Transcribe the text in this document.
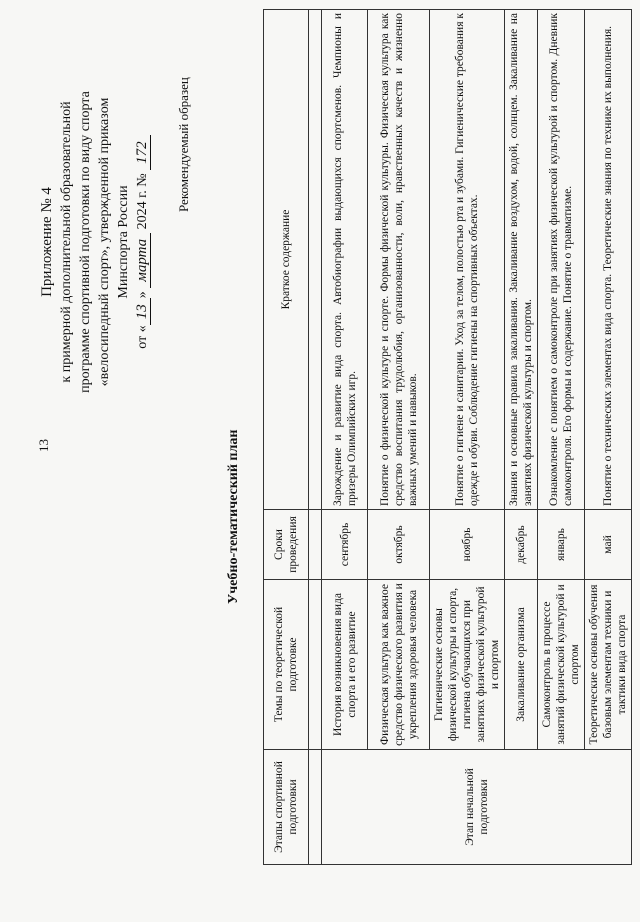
13
Приложение № 4 к примерной дополнительной образовательной программе спортивной подготовки по виду спорта «велосипедный спорт», утвержденной приказом Минспорта России
от «13» марта 2024 г. № 172 Рекомендуемый образец
Учебно-тематический план
Этапы спортивной подготовки	Темы по теоретической подготовке	Сроки проведения	Краткое содержание

Этап начальной подготовки	История возникновения вида спорта и его развитие	сентябрь	Зарождение и развитие вида спорта. Автобиографии выдающихся спортсменов. Чемпионы и призеры Олимпийских игр.
	Физическая культура как важное средство физического развития и укрепления здоровья человека	октябрь	Понятие о физической культуре и спорте. Формы физической культуры. Физическая культура как средство воспитания трудолюбия, организованности, воли, нравственных качеств и жизненно важных умений и навыков.
	Гигиенические основы физической культуры и спорта, гигиена обучающихся при занятиях физической культурой и спортом	ноябрь	Понятие о гигиене и санитарии. Уход за телом, полостью рта и зубами. Гигиенические требования к одежде и обуви. Соблюдение гигиены на спортивных объектах.
	Закаливание организма	декабрь	Знания и основные правила закаливания. Закаливание воздухом, водой, солнцем. Закаливание на занятиях физической культуры и спортом.
	Самоконтроль в процессе занятий физической культурой и спортом	январь	Ознакомление с понятием о самоконтроле при занятиях физической культурой и спортом. Дневник самоконтроля. Его формы и содержание. Понятие о травматизме.
	Теоретические основы обучения базовым элементам техники и тактики вида спорта	май	Понятие о технических элементах вида спорта. Теоретические знания по технике их выполнения.
